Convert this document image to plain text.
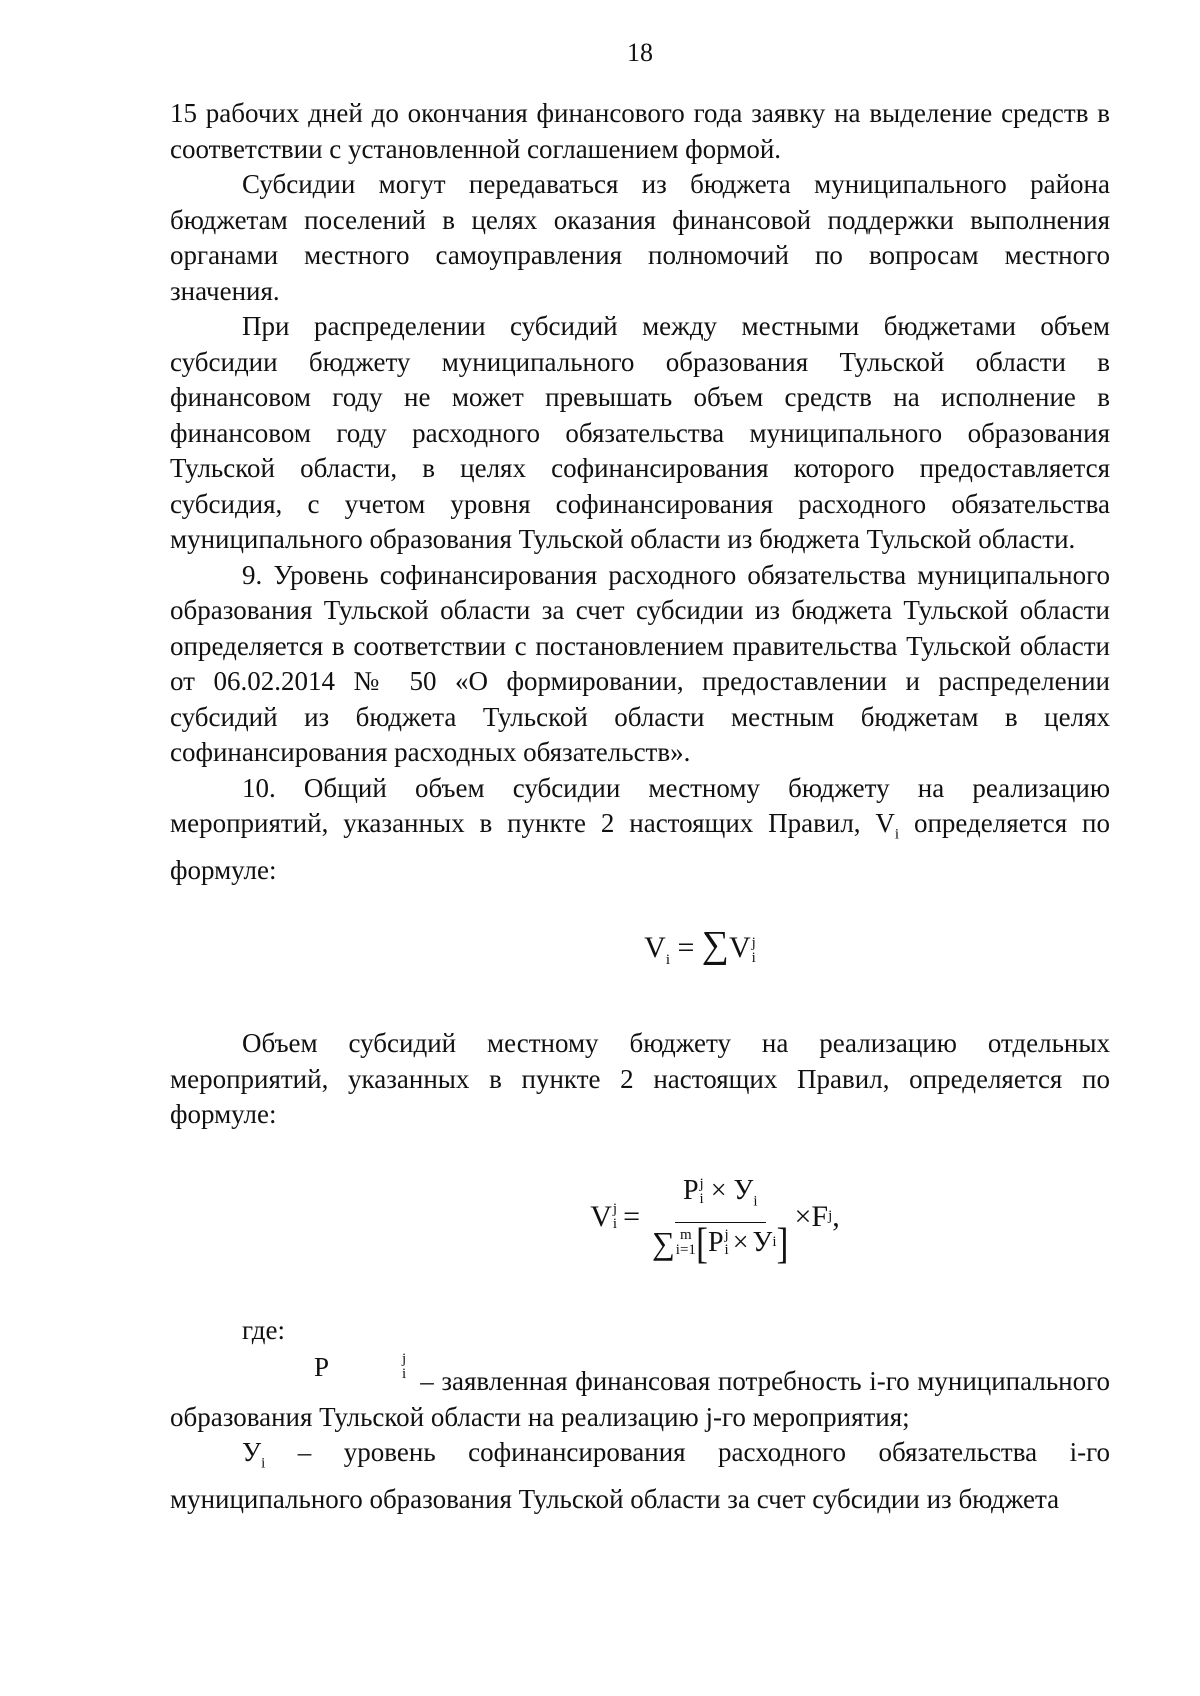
18

15 рабочих дней до окончания финансового года заявку на выделение средств в соответствии с установленной соглашением формой.

Субсидии могут передаваться из бюджета муниципального района бюджетам поселений в целях оказания финансовой поддержки выполнения органами местного самоуправления полномочий по вопросам местного значения.

При распределении субсидий между местными бюджетами объем субсидии бюджету муниципального образования Тульской области в финансовом году не может превышать объем средств на исполнение в финансовом году расходного обязательства муниципального образования Тульской области, в целях софинансирования которого предоставляется субсидия, с учетом уровня софинансирования расходного обязательства муниципального образования Тульской области из бюджета Тульской области.

9. Уровень софинансирования расходного обязательства муниципального образования Тульской области за счет субсидии из бюджета Тульской области определяется в соответствии с постановлением правительства Тульской области от 06.02.2014 № 50 «О формировании, предоставлении и распределении субсидий из бюджета Тульской области местным бюджетам в целях софинансирования расходных обязательств».

10. Общий объем субсидии местному бюджету на реализацию мероприятий, указанных в пункте 2 настоящих Правил, $V_i$ определяется по формуле:

$V_i = \sum V$ j
i

Объем субсидий местному бюджету на реализацию отдельных мероприятий, указанных в пункте 2 настоящих Правил, определяется по формуле:

V j
i =
P j
$i \times У_i$
∑ m
i=1 [ P j
i × У i ]
× F j ,

где:

P	j
i – заявленная финансовая потребность i-го муниципального образования Тульской области на реализацию j-го мероприятия;

$У_i$ – уровень софинансирования расходного обязательства i-го муниципального образования Тульской области за счет субсидии из бюджета
